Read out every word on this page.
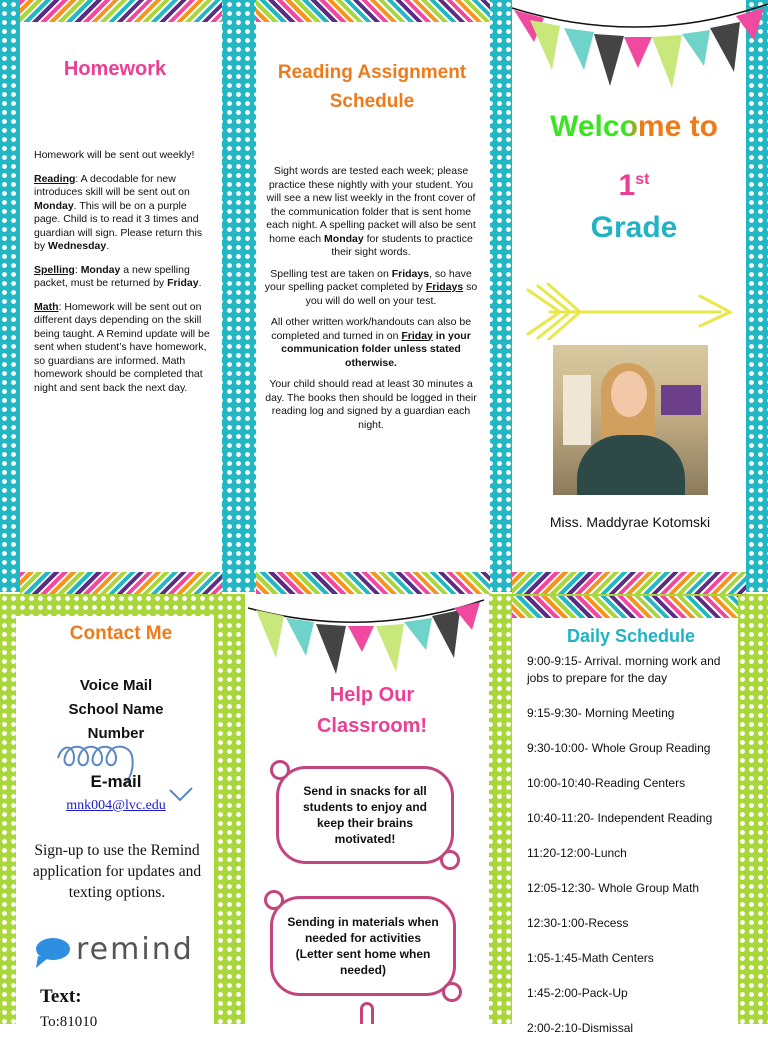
Homework

Homework will be sent out weekly!

Reading: A decodable for new introduces skill will be sent out on Monday. This will be on a purple page. Child is to read it 3 times and guardian will sign. Please return this by Wednesday.

Spelling: Monday a new spelling packet, must be returned by Friday.

Math: Homework will be sent out on different days depending on the skill being taught. A Remind update will be sent when student’s have homework, so guardians are informed. Math homework should be completed that night and sent back the next day.

Reading Assignment
Schedule

Sight words are tested each week; please practice these nightly with your student. You will see a new list weekly in the front cover of the communication folder that is sent home each night. A spelling packet will also be sent home each Monday for students to practice their sight words.

Spelling test are taken on Fridays, so have your spelling packet completed by Fridays so you will do well on your test.

All other written work/handouts can also be completed and turned in on Friday in your communication folder unless stated otherwise.

Your child should read at least 30 minutes a day. The books then should be logged in their reading log and signed by a guardian each night.

Welcome to
1st
Grade
Miss. Maddyrae Kotomski
Contact Me
Voice Mail
School Name
Number
E-mail
mnk004@lvc.edu
Sign-up to use the Remind application for updates and texting options.
remind
Text:
To:81010
Help Our
Classroom!
Send in snacks for all students to enjoy and keep their brains motivated!
Sending in materials when needed for activities
(Letter sent home when needed)
Daily Schedule
9:00-9:15- Arrival. morning work and jobs to prepare for the day
9:15-9:30- Morning Meeting
9:30-10:00- Whole Group Reading
10:00-10:40-Reading Centers
10:40-11:20- Independent Reading
11:20-12:00-Lunch
12:05-12:30- Whole Group Math
12:30-1:00-Recess
1:05-1:45-Math Centers
1:45-2:00-Pack-Up
2:00-2:10-Dismissal
